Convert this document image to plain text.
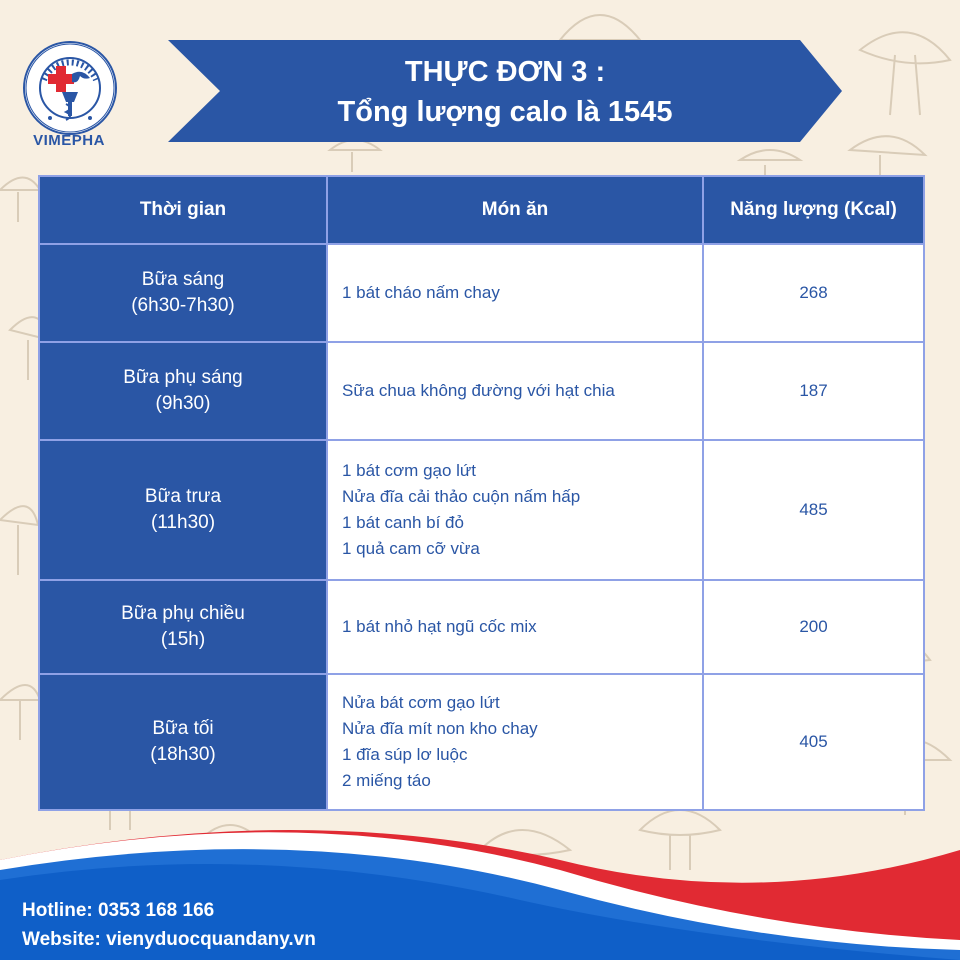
VIMEPHA
THỰC ĐƠN 3 :
Tổng lượng calo là 1545
Thời gian	Món ăn	Năng lượng (Kcal)

Bữa sáng
(6h30-7h30)	1 bát cháo nấm chay	268

Bữa phụ sáng
(9h30)	Sữa chua không đường với hạt chia	187

Bữa trưa
(11h30)	1 bát cơm gạo lứt
Nửa đĩa cải thảo cuộn nấm hấp
1 bát canh bí đỏ
1 quả cam cỡ vừa	485

Bữa phụ chiều
(15h)	1 bát nhỏ hạt ngũ cốc mix	200

Bữa tối
(18h30)	Nửa bát cơm gạo lứt
Nửa đĩa mít non kho chay
1 đĩa súp lơ luộc
2 miếng táo	405
Hotline: 0353 168 166
Website: vienyduocquandany.vn
